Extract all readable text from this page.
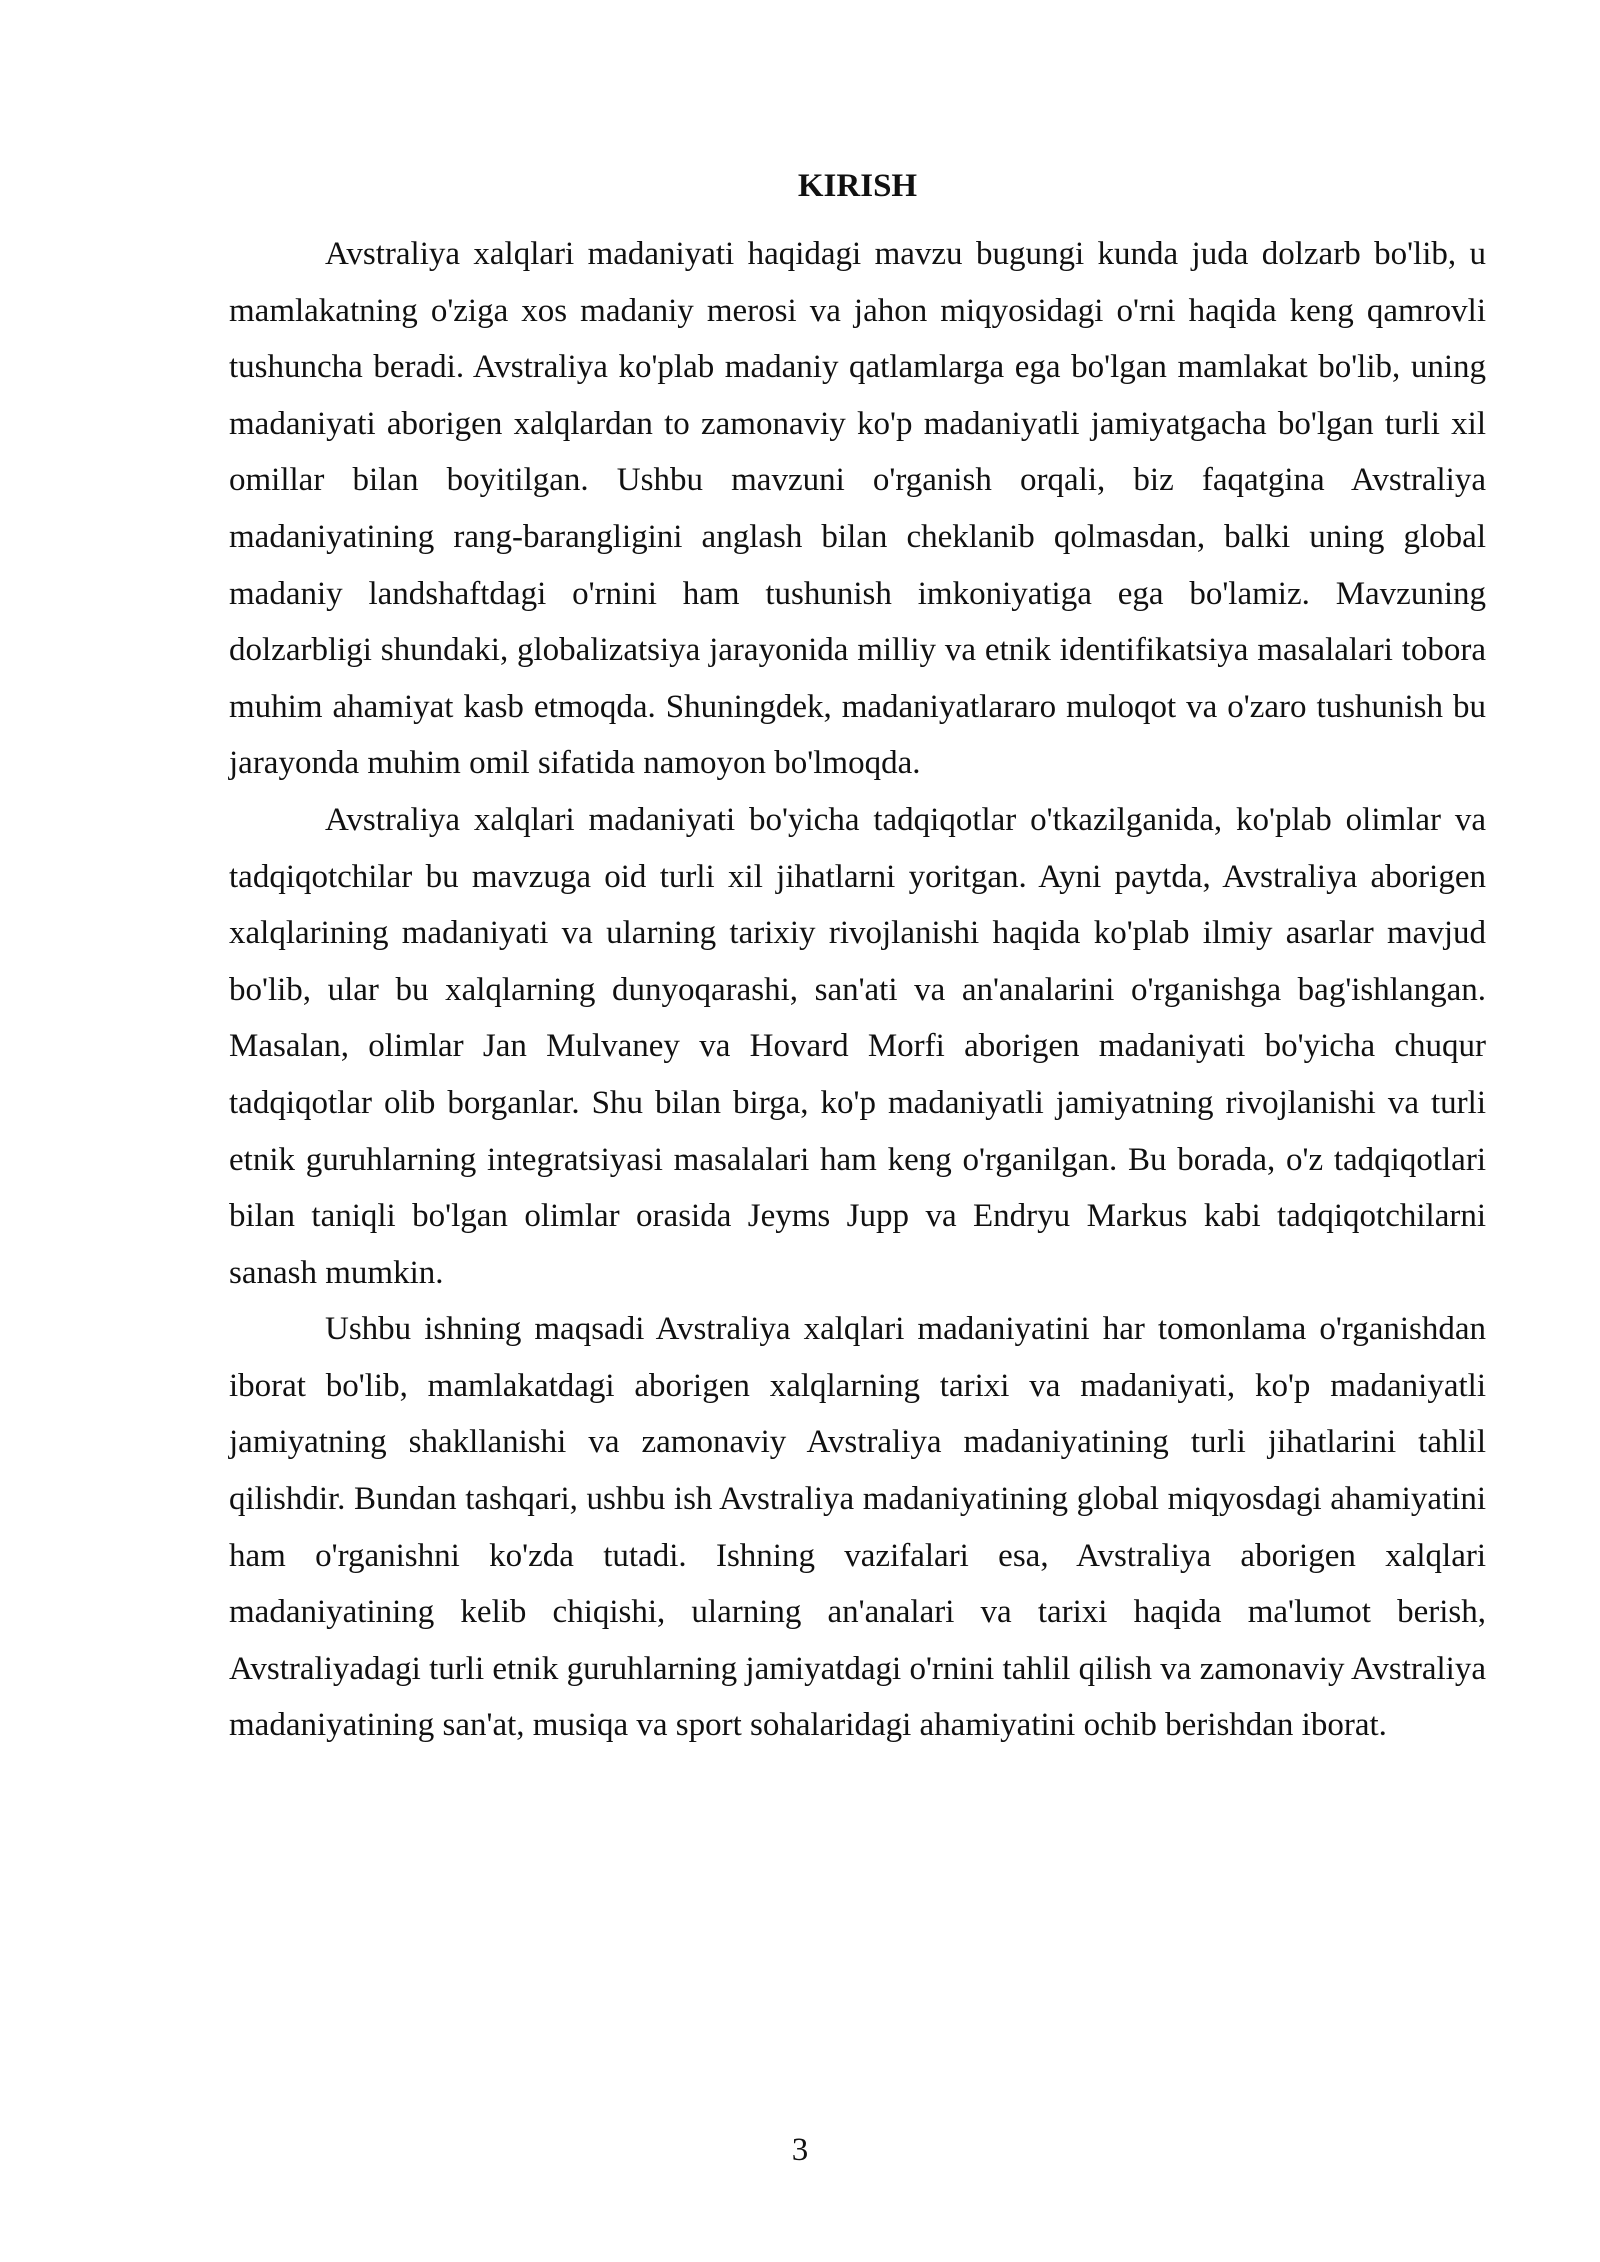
KIRISH

Avstraliya xalqlari madaniyati haqidagi mavzu bugungi kunda juda dolzarb bo'lib, u mamlakatning o'ziga xos madaniy merosi va jahon miqyosidagi o'rni haqida keng qamrovli tushuncha beradi. Avstraliya ko'plab madaniy qatlamlarga ega bo'lgan mamlakat bo'lib, uning madaniyati aborigen xalqlardan to zamonaviy ko'p madaniyatli jamiyatgacha bo'lgan turli xil omillar bilan boyitilgan. Ushbu mavzuni o'rganish orqali, biz faqatgina Avstraliya madaniyatining rang-barangligini anglash bilan cheklanib qolmasdan, balki uning global madaniy landshaftdagi o'rnini ham tushunish imkoniyatiga ega bo'lamiz. Mavzuning dolzarbligi shundaki, globalizatsiya jarayonida milliy va etnik identifikatsiya masalalari tobora muhim ahamiyat kasb etmoqda. Shuningdek, madaniyatlararo muloqot va o'zaro tushunish bu jarayonda muhim omil sifatida namoyon bo'lmoqda.

Avstraliya xalqlari madaniyati bo'yicha tadqiqotlar o'tkazilganida, ko'plab olimlar va tadqiqotchilar bu mavzuga oid turli xil jihatlarni yoritgan. Ayni paytda, Avstraliya aborigen xalqlarining madaniyati va ularning tarixiy rivojlanishi haqida ko'plab ilmiy asarlar mavjud bo'lib, ular bu xalqlarning dunyoqarashi, san'ati va an'analarini o'rganishga bag'ishlangan. Masalan, olimlar Jan Mulvaney va Hovard Morfi aborigen madaniyati bo'yicha chuqur tadqiqotlar olib borganlar. Shu bilan birga, ko'p madaniyatli jamiyatning rivojlanishi va turli etnik guruhlarning integratsiyasi masalalari ham keng o'rganilgan. Bu borada, o'z tadqiqotlari bilan taniqli bo'lgan olimlar orasida Jeyms Jupp va Endryu Markus kabi tadqiqotchilarni sanash mumkin.

Ushbu ishning maqsadi Avstraliya xalqlari madaniyatini har tomonlama o'rganishdan iborat bo'lib, mamlakatdagi aborigen xalqlarning tarixi va madaniyati, ko'p madaniyatli jamiyatning shakllanishi va zamonaviy Avstraliya madaniyatining turli jihatlarini tahlil qilishdir. Bundan tashqari, ushbu ish Avstraliya madaniyatining global miqyosdagi ahamiyatini ham o'rganishni ko'zda tutadi. Ishning vazifalari esa, Avstraliya aborigen xalqlari madaniyatining kelib chiqishi, ularning an'analari va tarixi haqida ma'lumot berish, Avstraliyadagi turli etnik guruhlarning jamiyatdagi o'rnini tahlil qilish va zamonaviy Avstraliya madaniyatining san'at, musiqa va sport sohalaridagi ahamiyatini ochib berishdan iborat.

3
